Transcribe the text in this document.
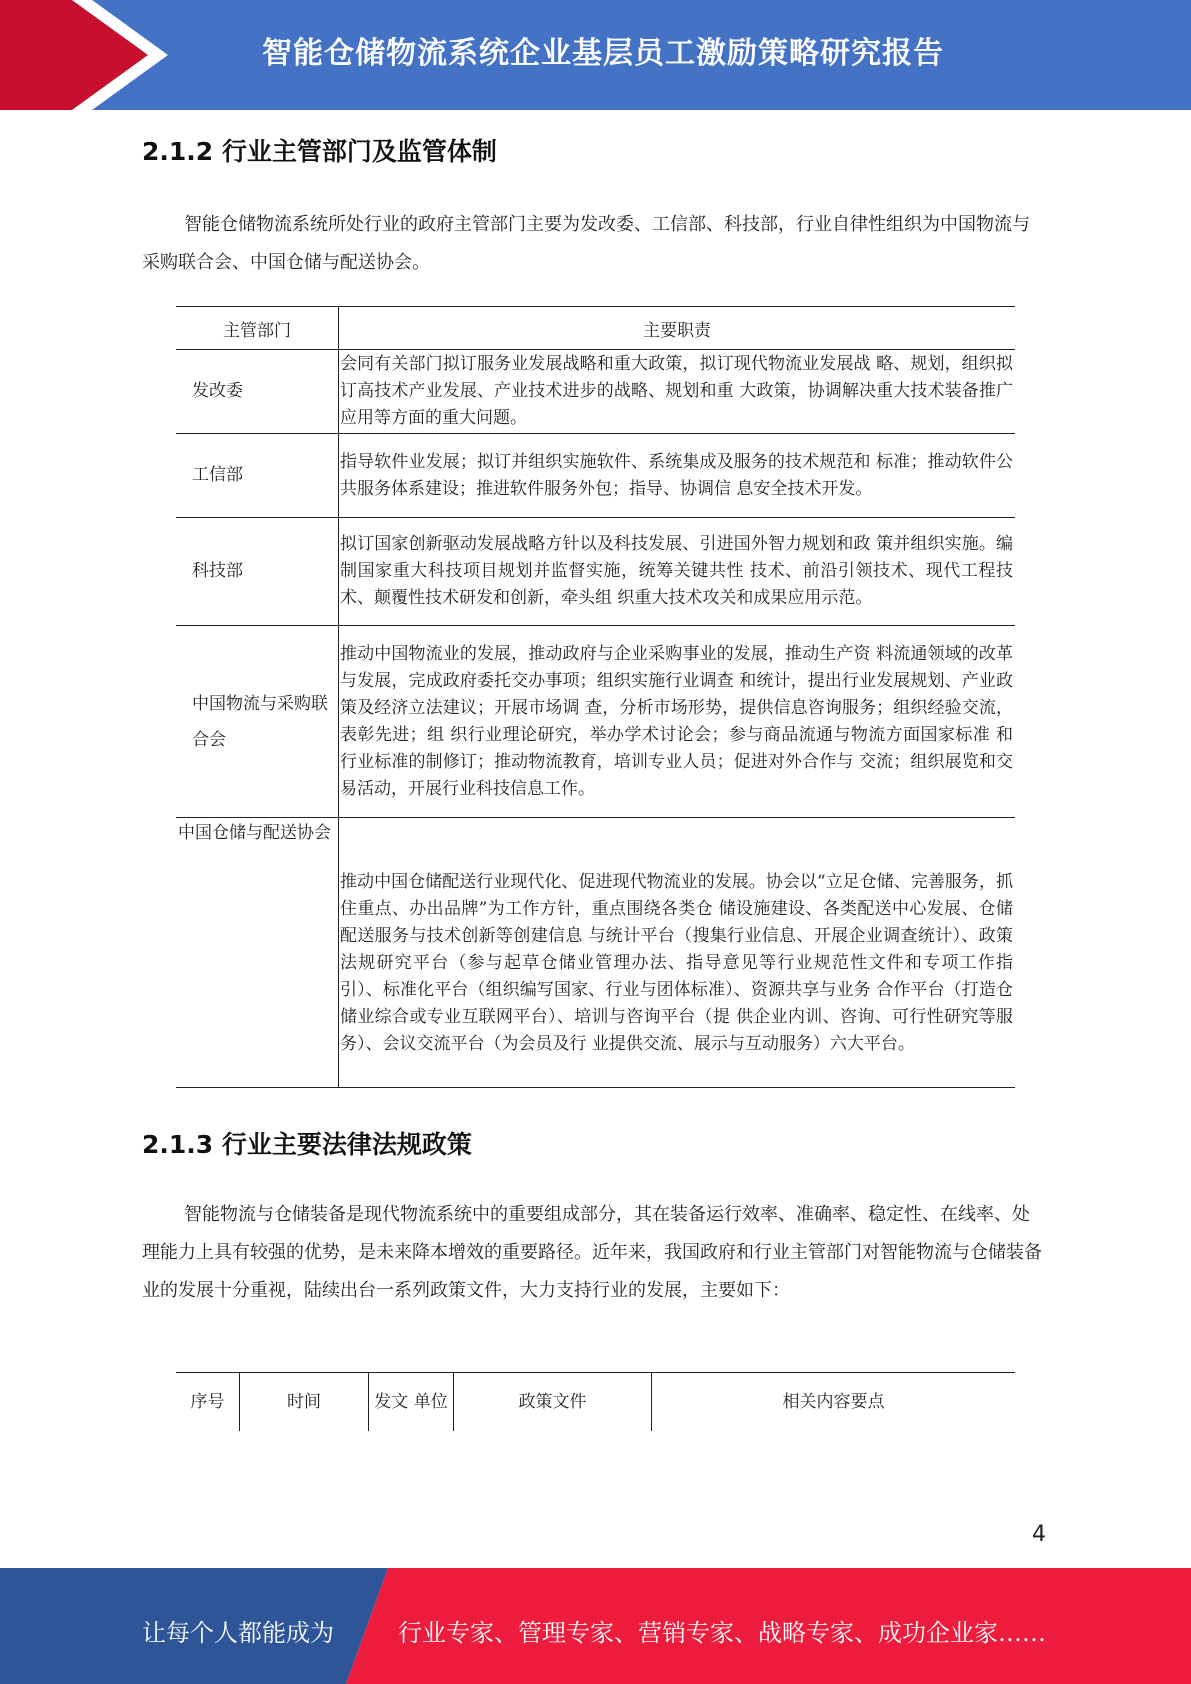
智能仓储物流系统企业基层员工激励策略研究报告
2.1.2 行业主管部门及监管体制
智能仓储物流系统所处行业的政府主管部门主要为发改委、工信部、科技部，行业自律性组织为中国物流与采购联合会、中国仓储与配送协会。
主管部门	主要职责
发改委	会同有关部门拟订服务业发展战略和重大政策，拟订现代物流业发展战 略、规划，组织拟订高技术产业发展、产业技术进步的战略、规划和重 大政策，协调解决重大技术装备推广应用等方面的重大问题。
工信部	指导软件业发展；拟订并组织实施软件、系统集成及服务的技术规范和 标准；推动软件公共服务体系建设；推进软件服务外包；指导、协调信 息安全技术开发。
科技部	拟订国家创新驱动发展战略方针以及科技发展、引进国外智力规划和政 策并组织实施。编制国家重大科技项目规划并监督实施，统筹关键共性 技术、前沿引领技术、现代工程技术、颠覆性技术研发和创新，牵头组 织重大技术攻关和成果应用示范。
中国物流与采购联合会	推动中国物流业的发展，推动政府与企业采购事业的发展，推动生产资 料流通领域的改革与发展，完成政府委托交办事项；组织实施行业调查 和统计，提出行业发展规划、产业政策及经济立法建议；开展市场调 查，分析市场形势，提供信息咨询服务；组织经验交流，表彰先进；组 织行业理论研究，举办学术讨论会；参与商品流通与物流方面国家标准 和行业标准的制修订；推动物流教育，培训专业人员；促进对外合作与 交流；组织展览和交易活动，开展行业科技信息工作。
中国仓储与配送协会	推动中国仓储配送行业现代化、促进现代物流业的发展。协会以“立足仓储、完善服务，抓住重点、办出品牌”为工作方针，重点围绕各类仓 储设施建设、各类配送中心发展、仓储配送服务与技术创新等创建信息 与统计平台（搜集行业信息、开展企业调查统计）、政策法规研究平台（参与起草仓储业管理办法、指导意见等行业规范性文件和专项工作指 引）、标准化平台（组织编写国家、行业与团体标准）、资源共享与业务 合作平台（打造仓储业综合或专业互联网平台）、培训与咨询平台（提 供企业内训、咨询、可行性研究等服务）、会议交流平台（为会员及行 业提供交流、展示与互动服务）六大平台。
2.1.3 行业主要法律法规政策
智能物流与仓储装备是现代物流系统中的重要组成部分，其在装备运行效率、准确率、稳定性、在线率、处理能力上具有较强的优势，是未来降本增效的重要路径。近年来，我国政府和行业主管部门对智能物流与仓储装备业的发展十分重视，陆续出台一系列政策文件，大力支持行业的发展，主要如下：
序号	时间	发文 单位	政策文件	相关内容要点
4
让每个人都能成为	行业专家、管理专家、营销专家、战略专家、成功企业家……
